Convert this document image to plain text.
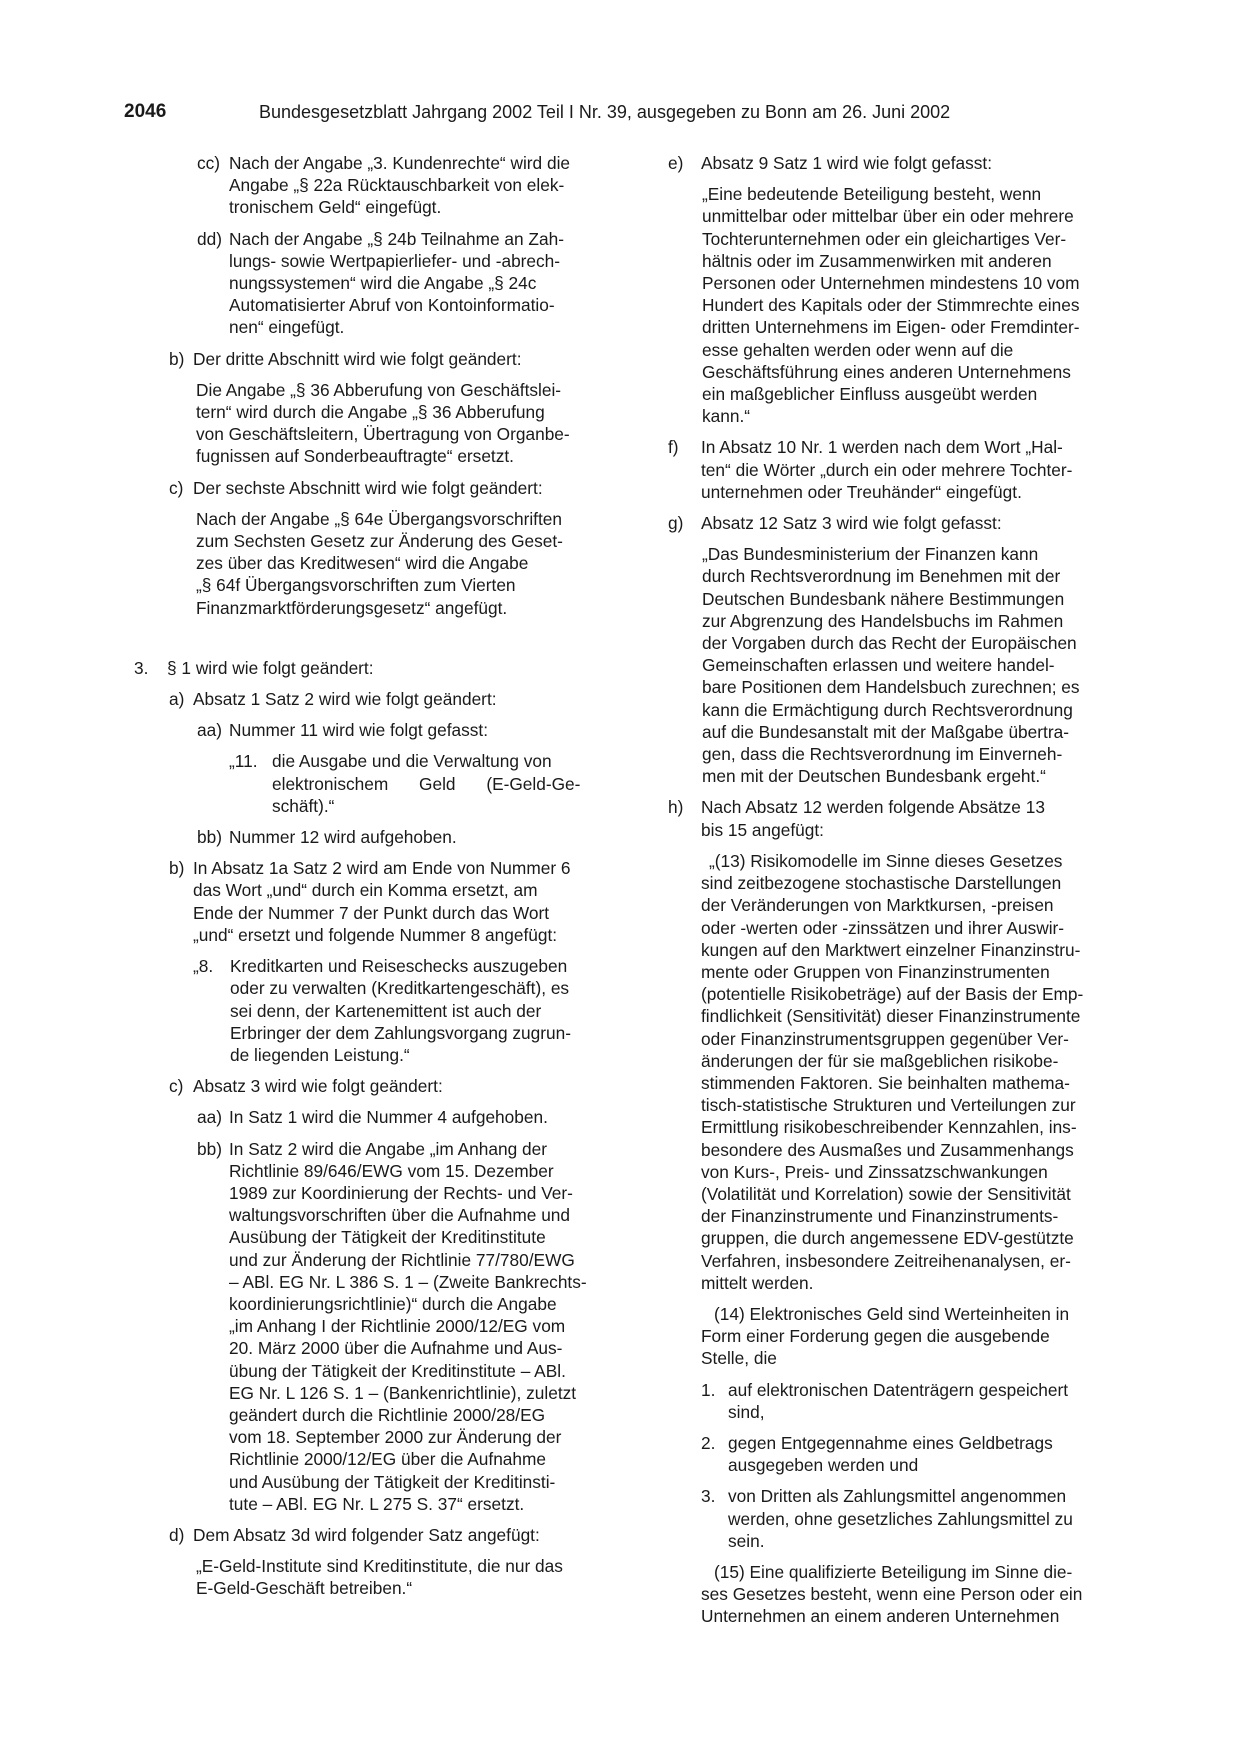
2046	Bundesgesetzblatt Jahrgang 2002 Teil I Nr. 39, ausgegeben zu Bonn am 26. Juni 2002
cc) Nach der Angabe „3. Kundenrechte“ wird die
Angabe „§ 22a Rücktauschbarkeit von elek-
tronischem Geld“ eingefügt.
dd) Nach der Angabe „§ 24b Teilnahme an Zah-
lungs- sowie Wertpapierliefer- und -abrech-
nungssystemen“ wird die Angabe „§ 24c
Automatisierter Abruf von Kontoinformatio-
nen“ eingefügt.
b) Der dritte Abschnitt wird wie folgt geändert:
Die Angabe „§ 36 Abberufung von Geschäftslei-
tern“ wird durch die Angabe „§ 36 Abberufung
von Geschäftsleitern, Übertragung von Organbe-
fugnissen auf Sonderbeauftragte“ ersetzt.
c) Der sechste Abschnitt wird wie folgt geändert:
Nach der Angabe „§ 64e Übergangsvorschriften
zum Sechsten Gesetz zur Änderung des Geset-
zes über das Kreditwesen“ wird die Angabe
„§ 64f Übergangsvorschriften zum Vierten
Finanzmarktförderungsgesetz“ angefügt.
3. § 1 wird wie folgt geändert:
a) Absatz 1 Satz 2 wird wie folgt geändert:
aa) Nummer 11 wird wie folgt gefasst:
„11. die Ausgabe und die Verwaltung von
elektronischem Geld (E-Geld-Ge-
schäft).“
bb) Nummer 12 wird aufgehoben.
b) In Absatz 1a Satz 2 wird am Ende von Nummer 6
das Wort „und“ durch ein Komma ersetzt, am
Ende der Nummer 7 der Punkt durch das Wort
„und“ ersetzt und folgende Nummer 8 angefügt:
„8. Kreditkarten und Reiseschecks auszugeben
oder zu verwalten (Kreditkartengeschäft), es
sei denn, der Kartenemittent ist auch der
Erbringer der dem Zahlungsvorgang zugrun-
de liegenden Leistung.“
c) Absatz 3 wird wie folgt geändert:
aa) In Satz 1 wird die Nummer 4 aufgehoben.
bb) In Satz 2 wird die Angabe „im Anhang der
Richtlinie 89/646/EWG vom 15. Dezember
1989 zur Koordinierung der Rechts- und Ver-
waltungsvorschriften über die Aufnahme und
Ausübung der Tätigkeit der Kreditinstitute
und zur Änderung der Richtlinie 77/780/EWG
– ABl. EG Nr. L 386 S. 1 – (Zweite Bankrechts-
koordinierungsrichtlinie)“ durch die Angabe
„im Anhang I der Richtlinie 2000/12/EG vom
20. März 2000 über die Aufnahme und Aus-
übung der Tätigkeit der Kreditinstitute – ABl.
EG Nr. L 126 S. 1 – (Bankenrichtlinie), zuletzt
geändert durch die Richtlinie 2000/28/EG
vom 18. September 2000 zur Änderung der
Richtlinie 2000/12/EG über die Aufnahme
und Ausübung der Tätigkeit der Kreditinsti-
tute – ABl. EG Nr. L 275 S. 37“ ersetzt.
d) Dem Absatz 3d wird folgender Satz angefügt:
„E-Geld-Institute sind Kreditinstitute, die nur das
E-Geld-Geschäft betreiben.“
e) Absatz 9 Satz 1 wird wie folgt gefasst:
„Eine bedeutende Beteiligung besteht, wenn
unmittelbar oder mittelbar über ein oder mehrere
Tochterunternehmen oder ein gleichartiges Ver-
hältnis oder im Zusammenwirken mit anderen
Personen oder Unternehmen mindestens 10 vom
Hundert des Kapitals oder der Stimmrechte eines
dritten Unternehmens im Eigen- oder Fremdinter-
esse gehalten werden oder wenn auf die
Geschäftsführung eines anderen Unternehmens
ein maßgeblicher Einfluss ausgeübt werden
kann.“
f) In Absatz 10 Nr. 1 werden nach dem Wort „Hal-
ten“ die Wörter „durch ein oder mehrere Tochter-
unternehmen oder Treuhänder“ eingefügt.
g) Absatz 12 Satz 3 wird wie folgt gefasst:
„Das Bundesministerium der Finanzen kann
durch Rechtsverordnung im Benehmen mit der
Deutschen Bundesbank nähere Bestimmungen
zur Abgrenzung des Handelsbuchs im Rahmen
der Vorgaben durch das Recht der Europäischen
Gemeinschaften erlassen und weitere handel-
bare Positionen dem Handelsbuch zurechnen; es
kann die Ermächtigung durch Rechtsverordnung
auf die Bundesanstalt mit der Maßgabe übertra-
gen, dass die Rechtsverordnung im Einverneh-
men mit der Deutschen Bundesbank ergeht.“
h) Nach Absatz 12 werden folgende Absätze 13
bis 15 angefügt:
„(13) Risikomodelle im Sinne dieses Gesetzes
sind zeitbezogene stochastische Darstellungen
der Veränderungen von Marktkursen, -preisen
oder -werten oder -zinssätzen und ihrer Auswir-
kungen auf den Marktwert einzelner Finanzinstru-
mente oder Gruppen von Finanzinstrumenten
(potentielle Risikobeträge) auf der Basis der Emp-
findlichkeit (Sensitivität) dieser Finanzinstrumente
oder Finanzinstrumentsgruppen gegenüber Ver-
änderungen der für sie maßgeblichen risikobe-
stimmenden Faktoren. Sie beinhalten mathema-
tisch-statistische Strukturen und Verteilungen zur
Ermittlung risikobeschreibender Kennzahlen, ins-
besondere des Ausmaßes und Zusammenhangs
von Kurs-, Preis- und Zinssatzschwankungen
(Volatilität und Korrelation) sowie der Sensitivität
der Finanzinstrumente und Finanzinstruments-
gruppen, die durch angemessene EDV-gestützte
Verfahren, insbesondere Zeitreihenanalysen, er-
mittelt werden.
(14) Elektronisches Geld sind Werteinheiten in
Form einer Forderung gegen die ausgebende
Stelle, die
1. auf elektronischen Datenträgern gespeichert
sind,
2. gegen Entgegennahme eines Geldbetrags
ausgegeben werden und
3. von Dritten als Zahlungsmittel angenommen
werden, ohne gesetzliches Zahlungsmittel zu
sein.
(15) Eine qualifizierte Beteiligung im Sinne die-
ses Gesetzes besteht, wenn eine Person oder ein
Unternehmen an einem anderen Unternehmen
